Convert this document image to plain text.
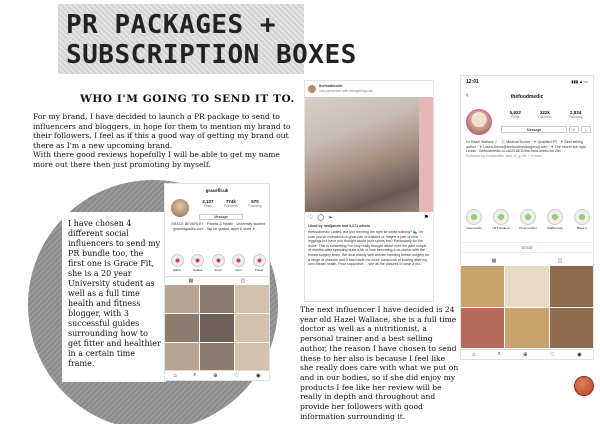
PR PACKAGES +
SUBSCRIPTION BOXES
WHO I'M GOING TO SEND IT TO.

For my brand, I have decided to launch a PR package to send to influencers and bloggers, in hope for them to mention my brand to their followers, I feel as if this a good way of getting my brand out there as I'm a new upcoming brand.

With there good reviews hopefully I will be able to get my name more out there then just promoting by myself.

I have chosen 4 different social influencers to send my PR bundle too, the first one is Grace Fit, she is a 20 year University student as well as a full time health and fitness blogger, with 3 successful guides surrounding how to get fitter and healthier in a certain time frame.
gracefit.uk
2,107
Posts
774k
Followers
570
Following
Message
GRACE BEVERLEY · Fitness & Health · University student · gracefitguides.com · Tap for guides, apps & more ✦
Q&As	Guides	Food	Gym	Travel
▦	◫
⌂	⌕	⊕	♡	◉
thefoodmedic
Not partnered with #thegirlfitguide
♡ ◯ ➢	⚑
Liked by rosiljanett and 3,271 others
thefoodmedic Ladies, are you wearing the right kit whilst training? 👟 I'm sure you've invested in a good pair of trainers or maybe a pair of new leggings but have you thought about your sports bra? Particularly for the dolce. This is something I've only really thought about over the past couple of months after spending quite a bit of time becoming a co-doctor with the breast surgery team. We deal mainly with women needing breast surgery for a range of reasons and it has made me more conscious of looking after my own breast health. Poor supportive ... see all the pictures to wear a mo...
The next influencer I have decided is 24 year old Hazel Wallace, she is a full time doctor as well as a nutritionist, a personal trainer and a best selling author, the reason I have chosen to send these to her also is because I feel like she really does care with what we put on and in our bodies, so if she did enjoy my products I fee like her review will be really in depth and throughout and provide her followers with good information surrounding it.
12:01	▮▮▮ ▲ ▭
‹	thefoodmedic
5,922
Posts
222k
Followers
2,834
Following
Message	✓	⌄
Dr Hazel Wallace ✓ · 🩺 Medical Doctor · ✦ Qualified PT · ✦ Best selling author · ✦ Laura.Jones@thefoodmedicagency.com · ✦ The secret are right Leads · thefoodmedic.co.uk/2018/11/the-food-medic-for-life/
Followed by rosiljanetta, dani_ft_g, btr + 9 more
Care works	HIIT workout	Prepr portion	Waffle recip	Bless s
Email
▦	◫
⌂	⌕	⊕	♡	◉
